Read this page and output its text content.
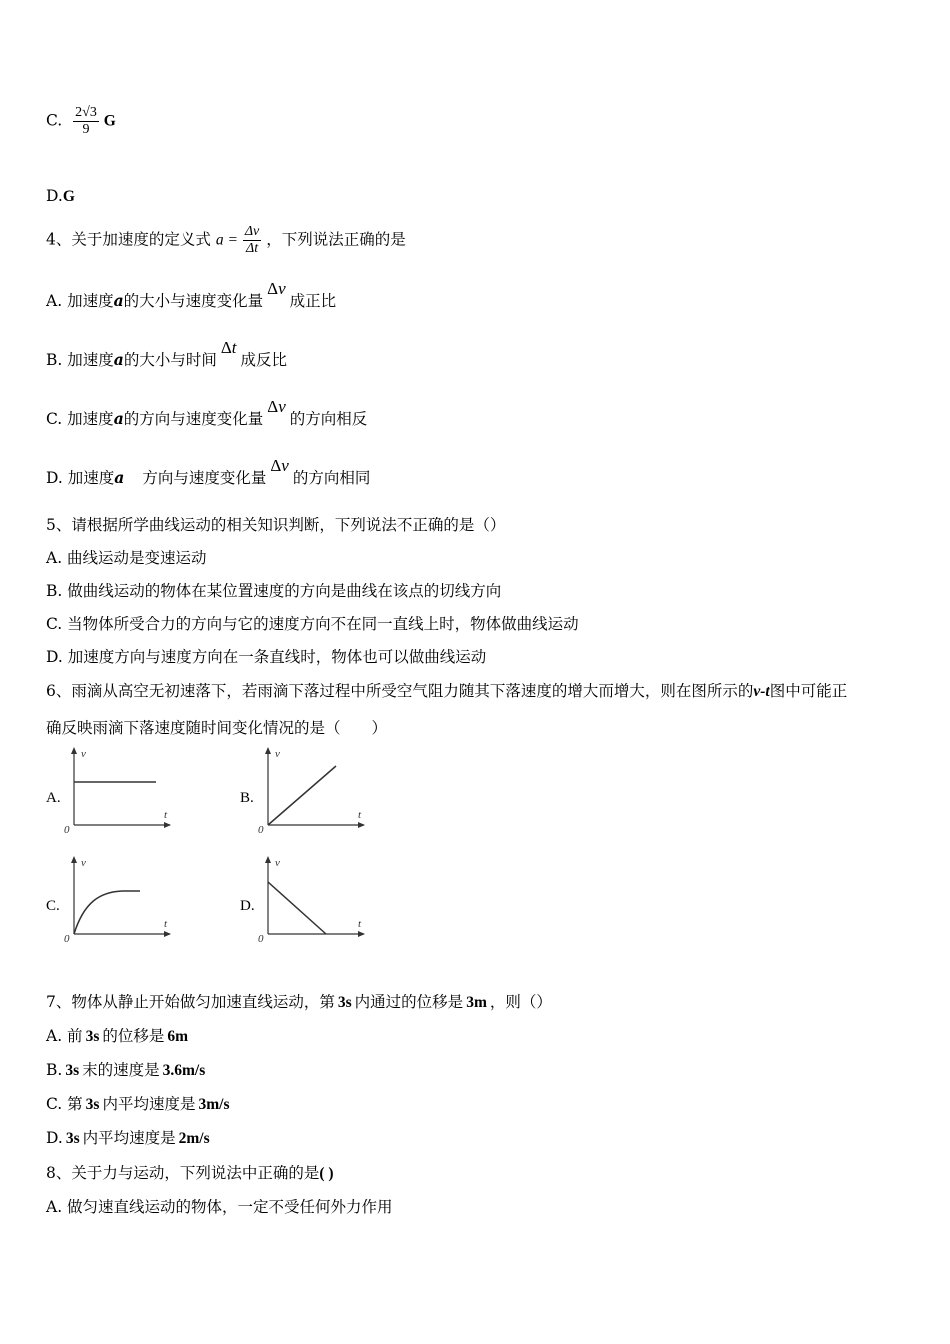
C. $\frac{2√3}{9}$ G
D.G
4、关于加速度的定义式 $a = \frac{\Delta v}{\Delta t}$ ，下列说法正确的是
A. 加速度a的大小与速度变化量Δv成正比
B. 加速度a的大小与时间Δt成反比
C. 加速度a的方向与速度变化量Δv的方向相反
D. 加速度a 方向与速度变化量Δv的方向相同
5、请根据所学曲线运动的相关知识判断，下列说法不正确的是（）
A. 曲线运动是变速运动
B. 做曲线运动的物体在某位置速度的方向是曲线在该点的切线方向
C. 当物体所受合力的方向与它的速度方向不在同一直线上时，物体做曲线运动
D. 加速度方向与速度方向在一条直线时，物体也可以做曲线运动
6、雨滴从高空无初速落下，若雨滴下落过程中所受空气阻力随其下落速度的增大而增大，则在图所示的v-t图中可能正
确反映雨滴下落速度随时间变化情况的是（　　）
A.
v
t
0
B.
v
t
0
C.
v
t
0
D.
v
t
0
7、物体从静止开始做匀加速直线运动，第 3s 内通过的位移是 3m ，则（）
A. 前 3s 的位移是 6m
B. 3s 末的速度是 3.6m/s
C. 第 3s 内平均速度是 3m/s
D. 3s 内平均速度是 2m/s
8、关于力与运动，下列说法中正确的是( )
A. 做匀速直线运动的物体，一定不受任何外力作用
